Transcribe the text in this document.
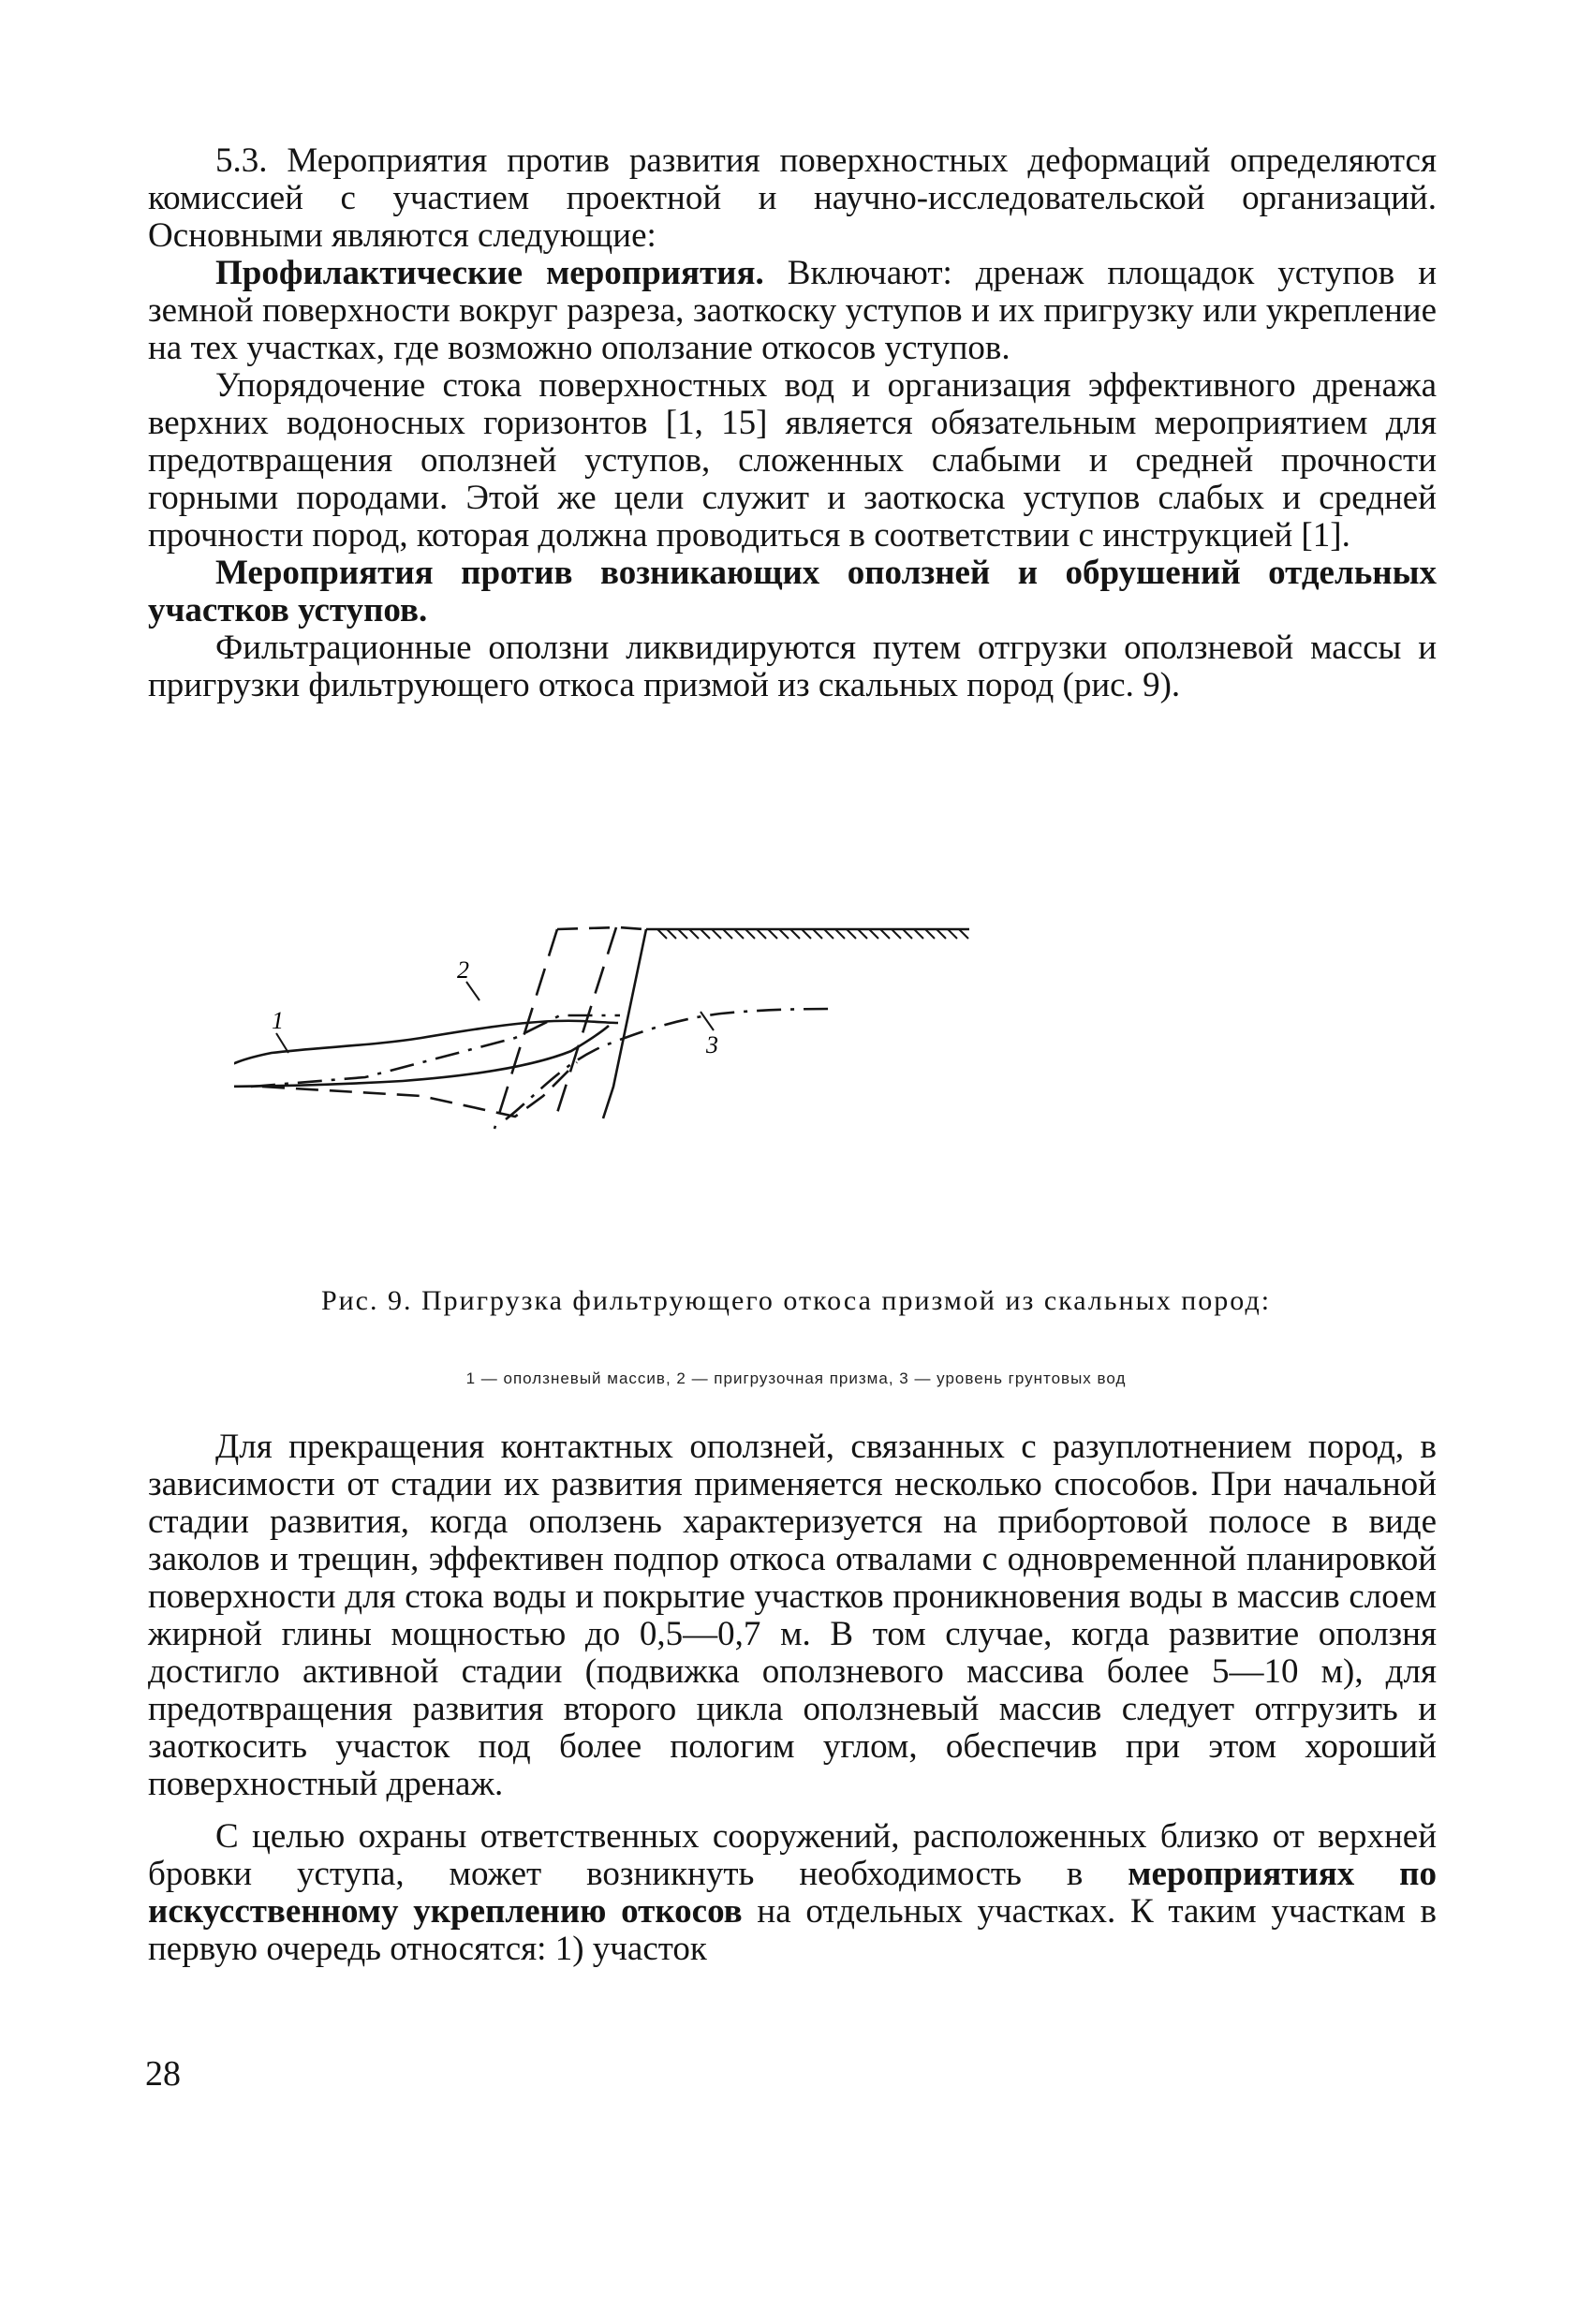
5.3. Мероприятия против развития поверхностных деформаций определяются комиссией с участием проектной и научно-исследовательской организаций. Основными являются следующие:

Профилактические мероприятия. Включают: дренаж площадок уступов и земной поверхности вокруг разреза, заоткоску уступов и их пригрузку или укрепление на тех участках, где возможно оползание откосов уступов.

Упорядочение стока поверхностных вод и организация эффективного дренажа верхних водоносных горизонтов [1, 15] является обязательным мероприятием для предотвращения оползней уступов, сложенных слабыми и средней прочности горными породами. Этой же цели служит и заоткоска уступов слабых и средней прочности пород, которая должна проводиться в соответствии с инструкцией [1].

Мероприятия против возникающих оползней и обрушений отдельных участков уступов.

Фильтрационные оползни ликвидируются путем отгрузки оползневой массы и пригрузки фильтрующего откоса призмой из скальных пород (рис. 9).

1
2
3
Рис. 9. Пригрузка фильтрующего откоса призмой из скальных пород:
1 — оползневый массив, 2 — пригрузочная призма, 3 — уровень грунтовых вод

Для прекращения контактных оползней, связанных с разуплотнением пород, в зависимости от стадии их развития применяется несколько способов. При начальной стадии развития, когда оползень характеризуется на прибортовой полосе в виде заколов и трещин, эффективен подпор откоса отвалами с одновременной планировкой поверхности для стока воды и покрытие участков проникновения воды в массив слоем жирной глины мощностью до 0,5—0,7 м. В том случае, когда развитие оползня достигло активной стадии (подвижка оползневого массива более 5—10 м), для предотвращения развития второго цикла оползневый массив следует отгрузить и заоткосить участок под более пологим углом, обеспечив при этом хороший поверхностный дренаж.

С целью охраны ответственных сооружений, расположенных близко от верхней бровки уступа, может возникнуть необходимость в мероприятиях по искусственному укреплению откосов на отдельных участках. К таким участкам в первую очередь относятся: 1) участок

28
